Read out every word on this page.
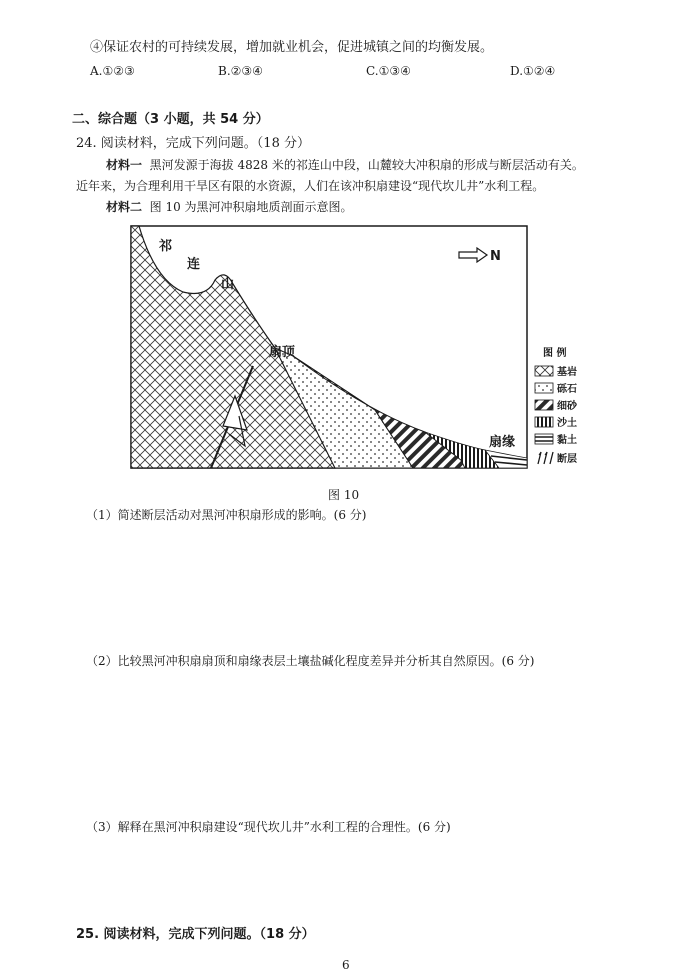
④保证农村的可持续发展，增加就业机会，促进城镇之间的均衡发展。
A.①②③	B.②③④	C.①③④	D.①②④
二、综合题（3 小题，共 54 分）
24. 阅读材料，完成下列问题。（18 分）
材料一 黑河发源于海拔 4828 米的祁连山中段，山麓较大冲积扇的形成与断层活动有关。
近年来，为合理利用干旱区有限的水资源，人们在该冲积扇建设“现代坎儿井”水利工程。
材料二 图 10 为黑河冲积扇地质剖面示意图。
祁
连
山
N
扇顶
扇缘
图 例
基岩
砾石
细砂
沙土
黏土
断层
图 10
（1）简述断层活动对黑河冲积扇形成的影响。(6 分)
（2）比较黑河冲积扇扇顶和扇缘表层土壤盐碱化程度差异并分析其自然原因。(6 分)
（3）解释在黑河冲积扇建设“现代坎儿井”水利工程的合理性。(6 分)
25. 阅读材料，完成下列问题。（18 分）
6
